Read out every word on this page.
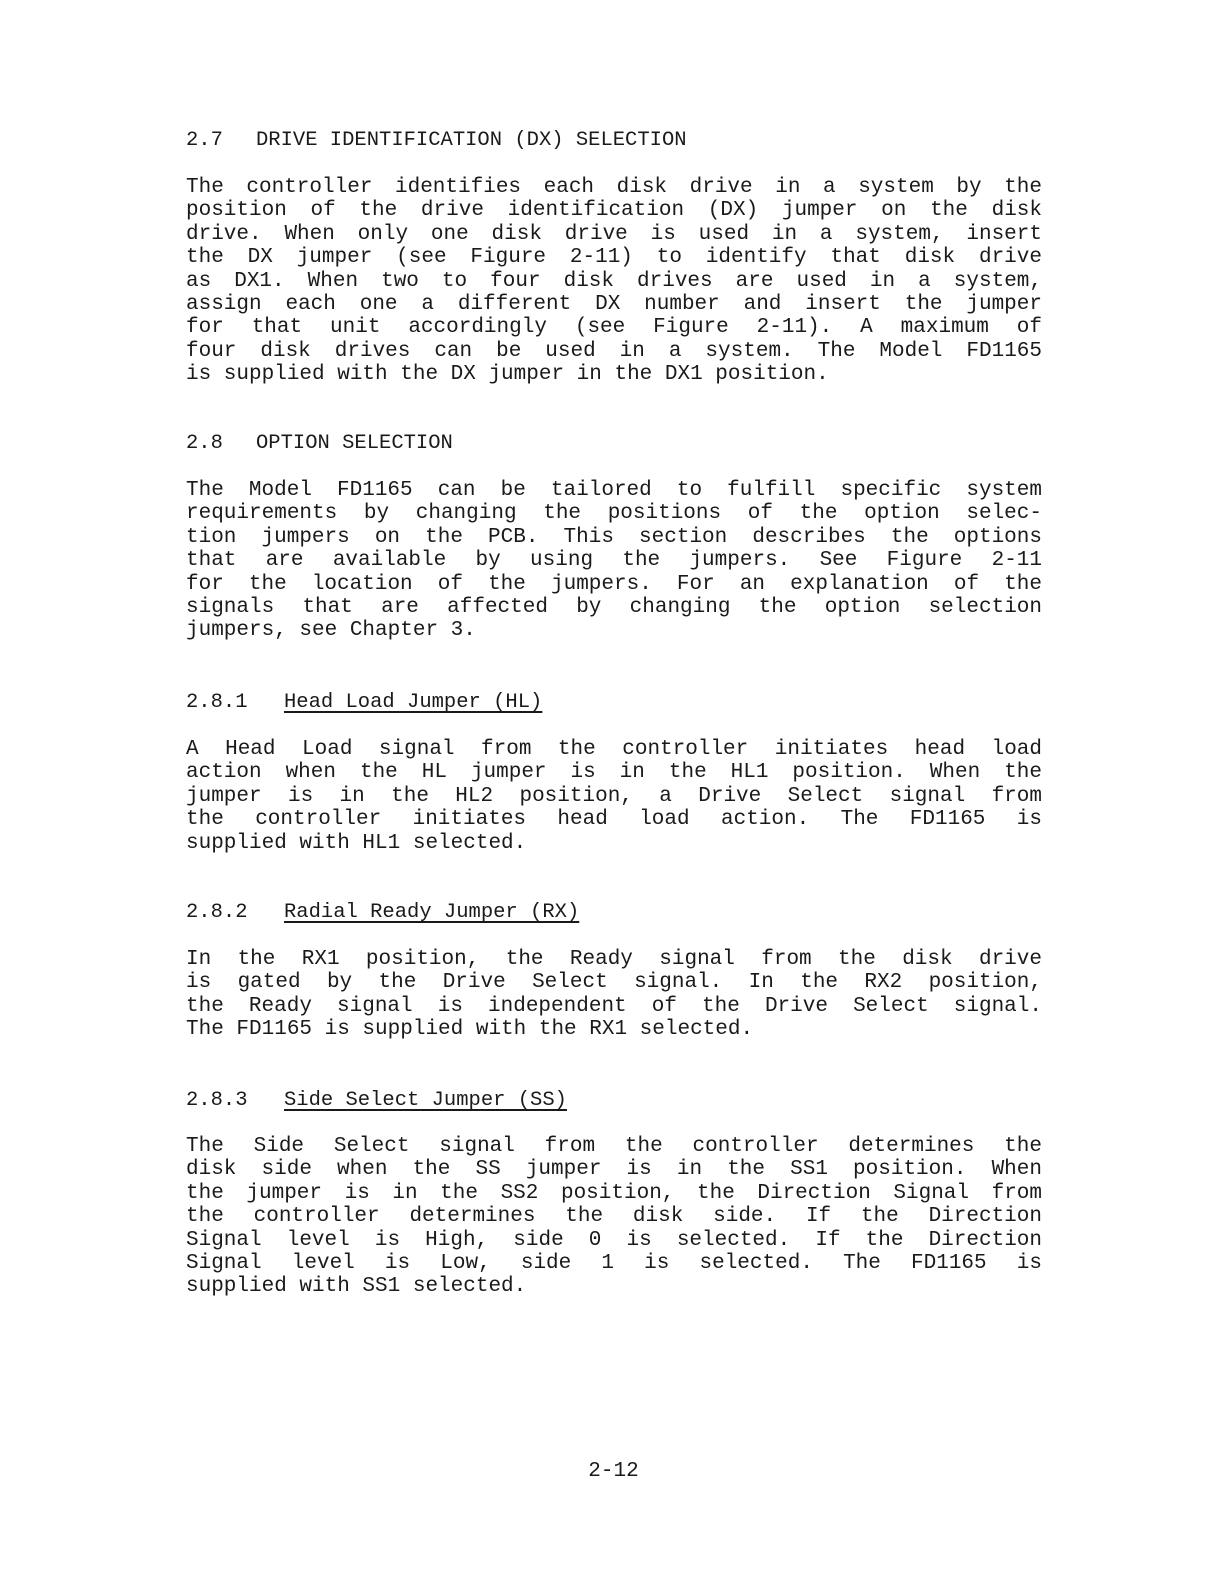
2.7 DRIVE IDENTIFICATION (DX) SELECTION

The controller identifies each disk drive in a system by the
position of the drive identification (DX) jumper on the disk
drive. When only one disk drive is used in a system, insert
the DX jumper (see Figure 2-11) to identify that disk drive
as DX1. When two to four disk drives are used in a system,
assign each one a different DX number and insert the jumper
for that unit accordingly (see Figure 2-11). A maximum of
four disk drives can be used in a system. The Model FD1165
is supplied with the DX jumper in the DX1 position.

2.8 OPTION SELECTION

The Model FD1165 can be tailored to fulfill specific system
requirements by changing the positions of the option selec-
tion jumpers on the PCB. This section describes the options
that are available by using the jumpers. See Figure 2-11
for the location of the jumpers. For an explanation of the
signals that are affected by changing the option selection
jumpers, see Chapter 3.

2.8.1 Head Load Jumper (HL)

A Head Load signal from the controller initiates head load
action when the HL jumper is in the HL1 position. When the
jumper is in the HL2 position, a Drive Select signal from
the controller initiates head load action. The FD1165 is
supplied with HL1 selected.

2.8.2 Radial Ready Jumper (RX)

In the RX1 position, the Ready signal from the disk drive
is gated by the Drive Select signal. In the RX2 position,
the Ready signal is independent of the Drive Select signal.
The FD1165 is supplied with the RX1 selected.

2.8.3 Side Select Jumper (SS)

The Side Select signal from the controller determines the
disk side when the SS jumper is in the SS1 position. When
the jumper is in the SS2 position, the Direction Signal from
the controller determines the disk side. If the Direction
Signal level is High, side 0 is selected. If the Direction
Signal level is Low, side 1 is selected. The FD1165 is
supplied with SS1 selected.

2-12
